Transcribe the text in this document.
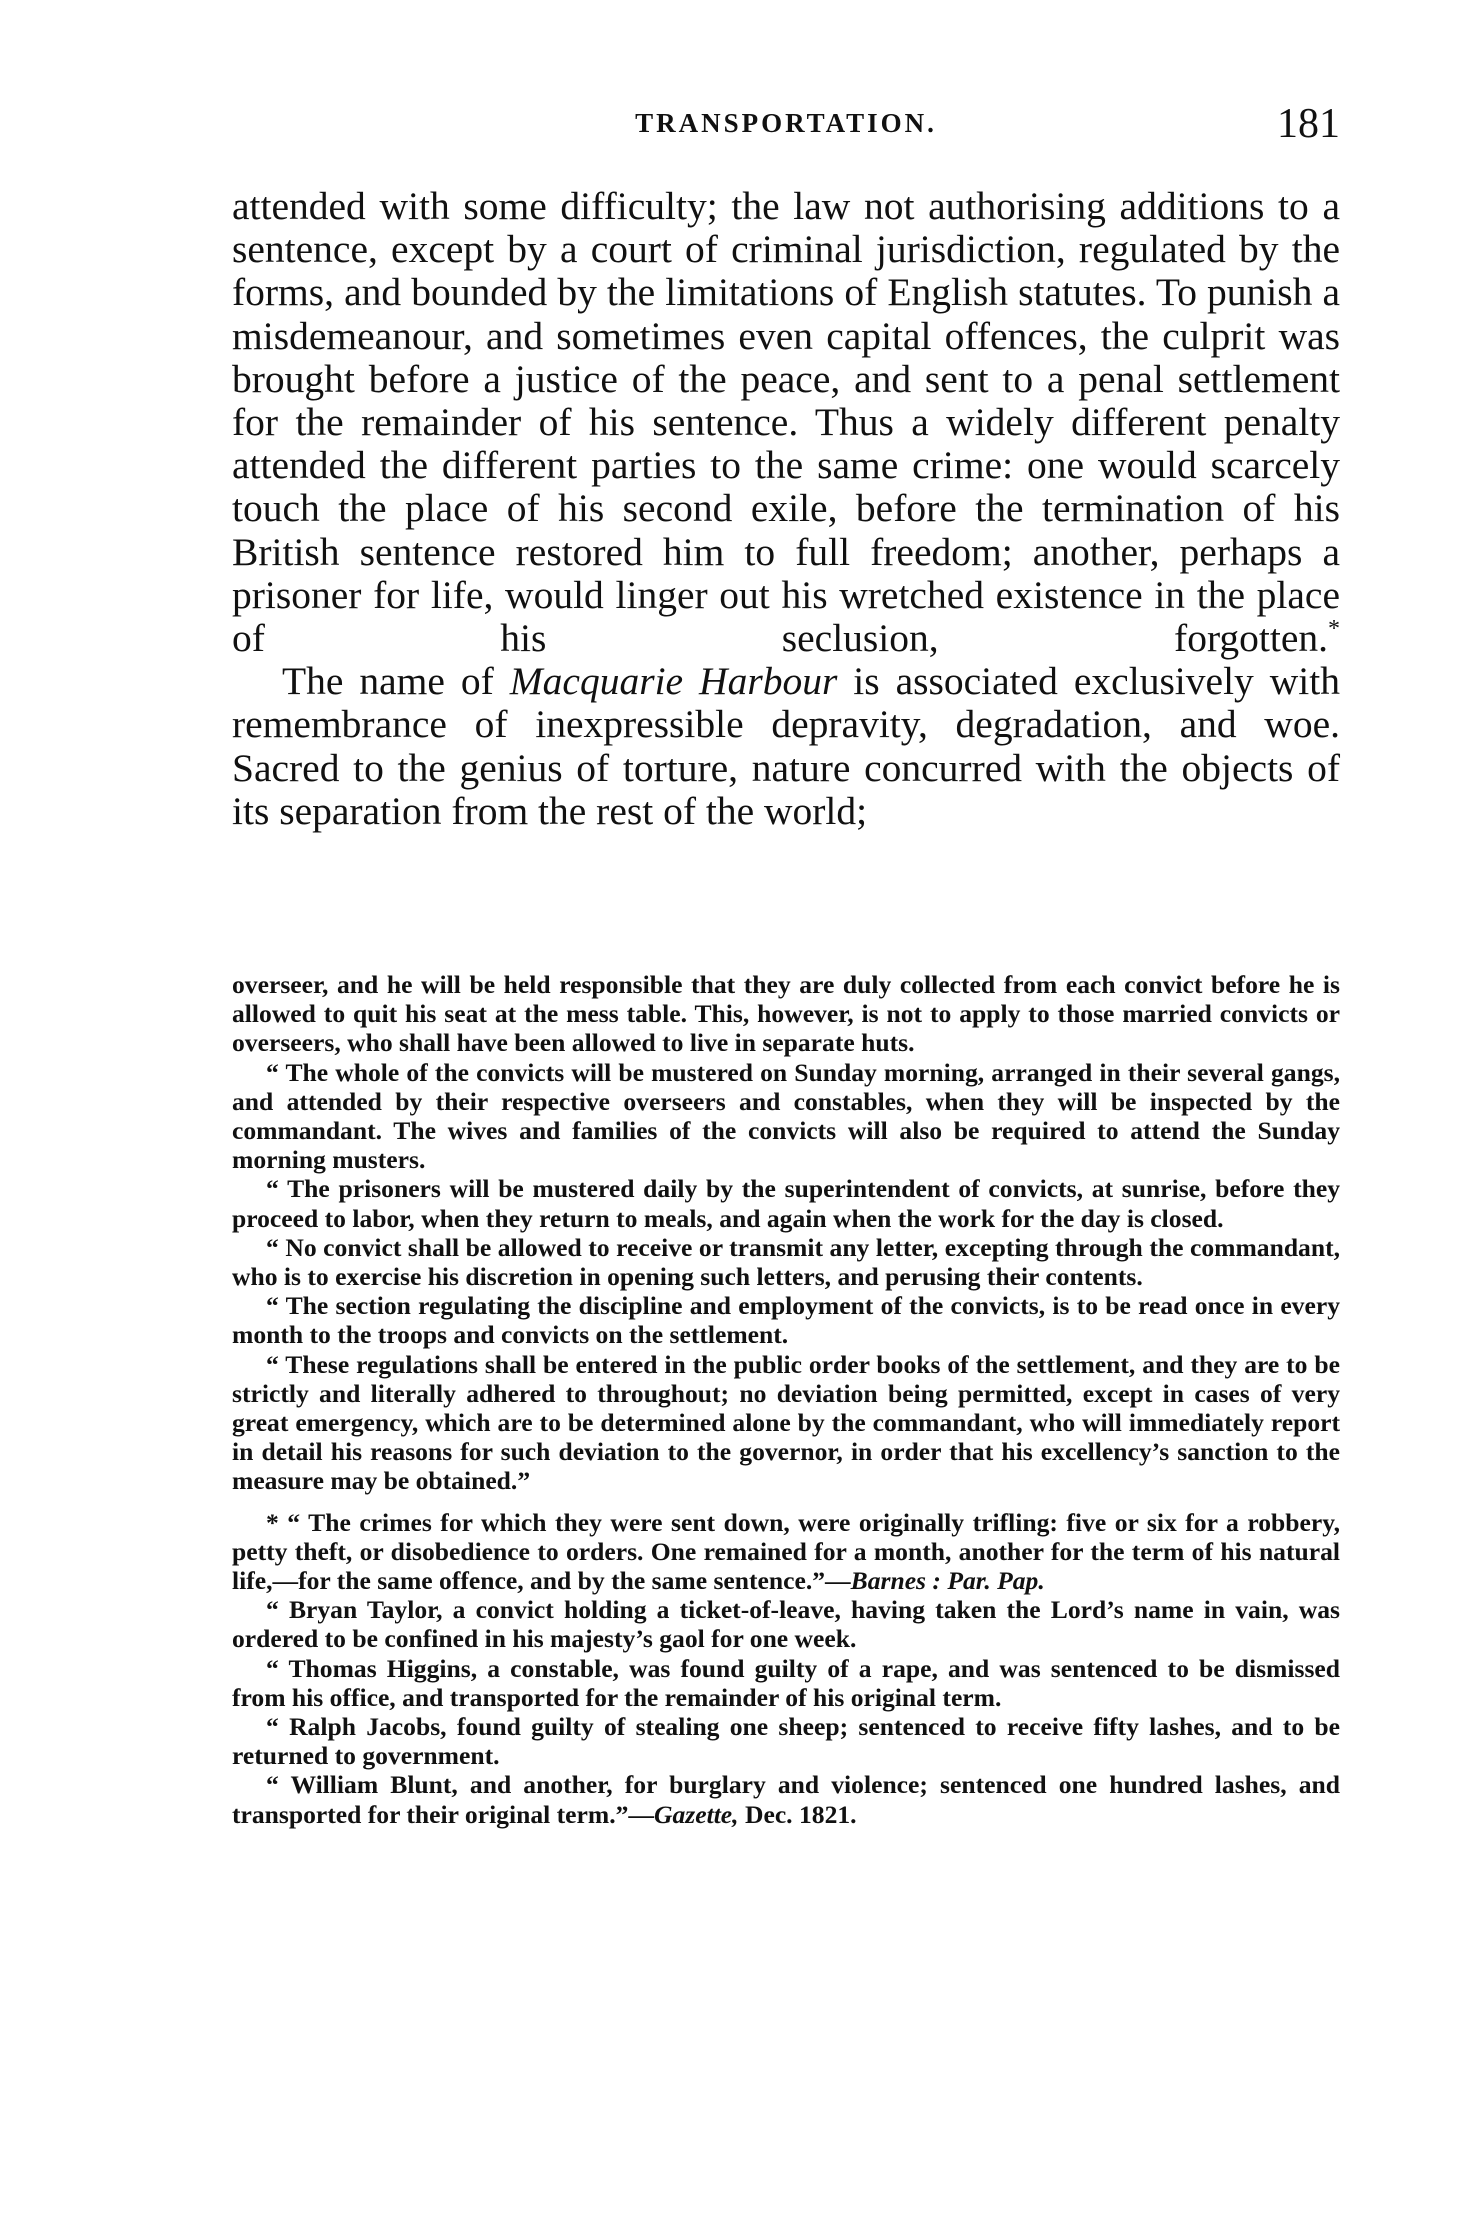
TRANSPORTATION.	181

attended with some difficulty; the law not authorising additions to a sentence, except by a court of criminal jurisdiction, regulated by the forms, and bounded by the limitations of English statutes. To punish a misdemeanour, and sometimes even capital offences, the culprit was brought before a justice of the peace, and sent to a penal settlement for the remainder of his sentence. Thus a widely different penalty attended the different parties to the same crime: one would scarcely touch the place of his second exile, before the termination of his British sentence restored him to full freedom; another, perhaps a prisoner for life, would linger out his wretched existence in the place of his seclusion, forgotten.*

The name of Macquarie Harbour is associated exclusively with remembrance of inexpressible depravity, degradation, and woe. Sacred to the genius of torture, nature concurred with the objects of its separation from the rest of the world;

overseer, and he will be held responsible that they are duly collected from each convict before he is allowed to quit his seat at the mess table. This, however, is not to apply to those married convicts or overseers, who shall have been allowed to live in separate huts.

“ The whole of the convicts will be mustered on Sunday morning, arranged in their several gangs, and attended by their respective overseers and constables, when they will be inspected by the commandant. The wives and families of the convicts will also be required to attend the Sunday morning musters.

“ The prisoners will be mustered daily by the superintendent of convicts, at sunrise, before they proceed to labor, when they return to meals, and again when the work for the day is closed.

“ No convict shall be allowed to receive or transmit any letter, excepting through the commandant, who is to exercise his discretion in opening such letters, and perusing their contents.

“ The section regulating the discipline and employment of the convicts, is to be read once in every month to the troops and convicts on the settlement.

“ These regulations shall be entered in the public order books of the settlement, and they are to be strictly and literally adhered to throughout; no deviation being permitted, except in cases of very great emergency, which are to be determined alone by the commandant, who will immediately report in detail his reasons for such deviation to the governor, in order that his excellency’s sanction to the measure may be obtained.”

* “ The crimes for which they were sent down, were originally trifling: five or six for a robbery, petty theft, or disobedience to orders. One remained for a month, another for the term of his natural life,—for the same offence, and by the same sentence.”—Barnes : Par. Pap.

“ Bryan Taylor, a convict holding a ticket-of-leave, having taken the Lord’s name in vain, was ordered to be confined in his majesty’s gaol for one week.

“ Thomas Higgins, a constable, was found guilty of a rape, and was sentenced to be dismissed from his office, and transported for the remainder of his original term.

“ Ralph Jacobs, found guilty of stealing one sheep; sentenced to receive fifty lashes, and to be returned to government.

“ William Blunt, and another, for burglary and violence; sentenced one hundred lashes, and transported for their original term.”—Gazette, Dec. 1821.
